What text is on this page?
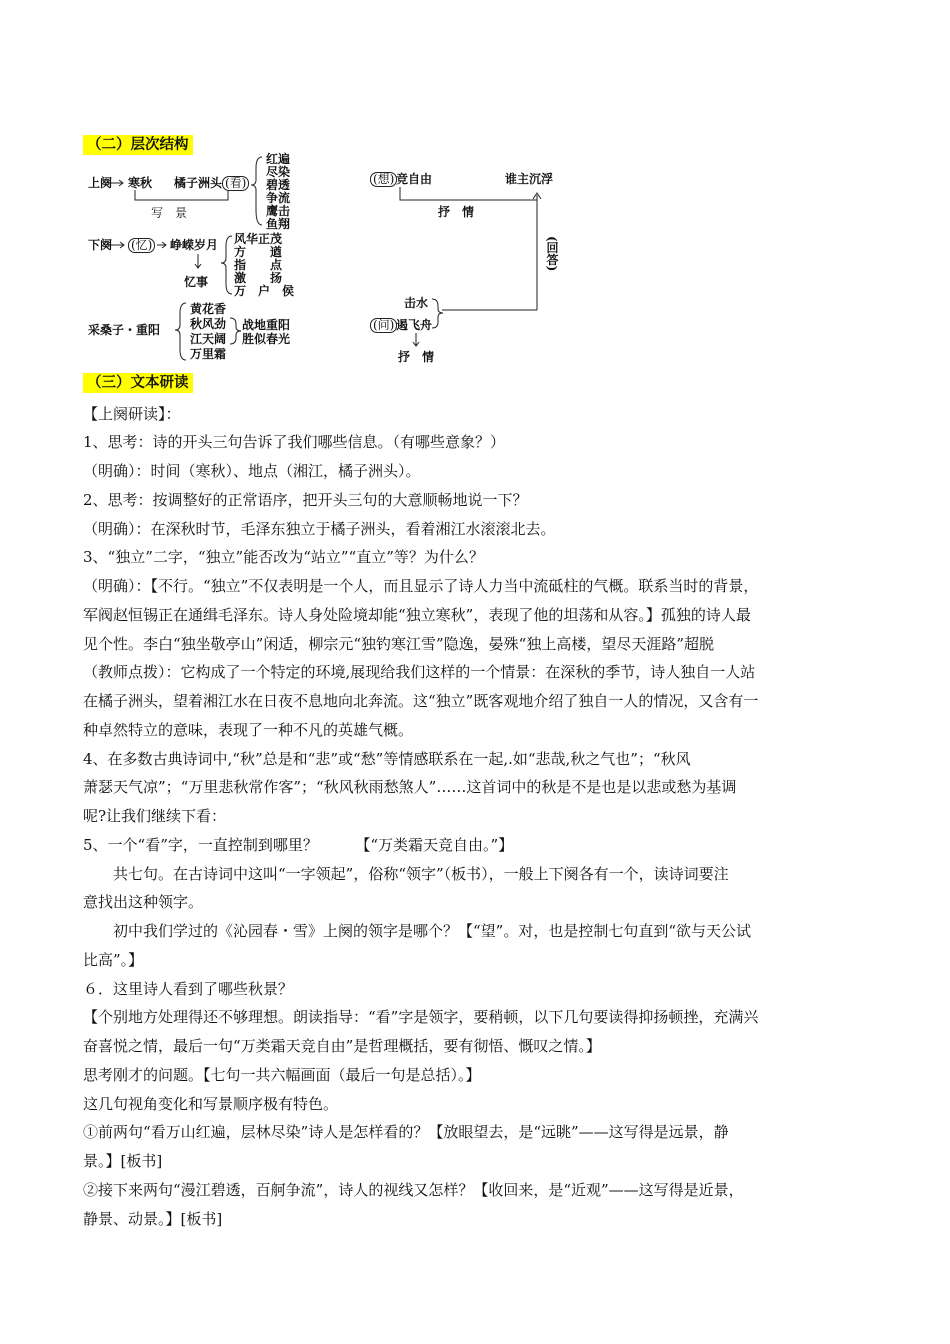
（二）层次结构
上阕 寒秋 橘子洲头 (看)
写　景
红遍
尽染
碧透
争流
鹰击
鱼翔
下阕 (忆) 峥嵘岁月
忆事
风华正茂
方　　遒
指　　点
激　　扬
万　户　侯
采桑子・重阳
黄花香
秋风劲
江天阔
万里霜
战地重阳
胜似春光
(想) 竞自由	谁主沉浮
抒　情
(回答)
击水
(问) 遏飞舟
抒　情
（三）文本研读
【上阕研读】：
1、思考：诗的开头三句告诉了我们哪些信息。（有哪些意象？）
（明确）：时间（寒秋）、地点（湘江，橘子洲头）。
2、思考：按调整好的正常语序，把开头三句的大意顺畅地说一下？
（明确）：在深秋时节，毛泽东独立于橘子洲头，看着湘江水滚滚北去。
3、“独立”二字，“独立”能否改为“站立”“直立”等？为什么？
（明确）：【不行。“独立”不仅表明是一个人，而且显示了诗人力当中流砥柱的气概。联系当时的背景，
军阀赵恒锡正在通缉毛泽东。诗人身处险境却能“独立寒秋”，表现了他的坦荡和从容。】孤独的诗人最
见个性。李白“独坐敬亭山”闲适，柳宗元“独钓寒江雪”隐逸，晏殊“独上高楼，望尽天涯路”超脱
（教师点拨）：它构成了一个特定的环境,展现给我们这样的一个情景：在深秋的季节，诗人独自一人站
在橘子洲头，望着湘江水在日夜不息地向北奔流。这“独立”既客观地介绍了独自一人的情况，又含有一
种卓然特立的意味，表现了一种不凡的英雄气概。
4、在多数古典诗词中,“秋”总是和“悲”或“愁”等情感联系在一起,.如“悲哉,秋之气也”；“秋风
萧瑟天气凉”；“万里悲秋常作客”；“秋风秋雨愁煞人”……这首词中的秋是不是也是以悲或愁为基调
呢?让我们继续下看：
5、一个“看”字，一直控制到哪里？　　　【“万类霜天竞自由。”】
　　共七句。在古诗词中这叫“一字领起”，俗称“领字”（板书），一般上下阕各有一个，读诗词要注
意找出这种领字。
　　初中我们学过的《沁园春・雪》上阕的领字是哪个？【“望”。对，也是控制七句直到“欲与天公试
比高”。】
６．这里诗人看到了哪些秋景？
【个别地方处理得还不够理想。朗读指导：“看”字是领字，要稍顿，以下几句要读得抑扬顿挫，充满兴
奋喜悦之情，最后一句“万类霜天竞自由”是哲理概括，要有彻悟、慨叹之情。】
思考刚才的问题。【七句一共六幅画面（最后一句是总括）。】
这几句视角变化和写景顺序极有特色。
①前两句“看万山红遍，层林尽染”诗人是怎样看的？【放眼望去，是“远眺”——这写得是远景，静
景。】[板书]
②接下来两句“漫江碧透，百舸争流”，诗人的视线又怎样？【收回来，是“近观”——这写得是近景，
静景、动景。】[板书]
